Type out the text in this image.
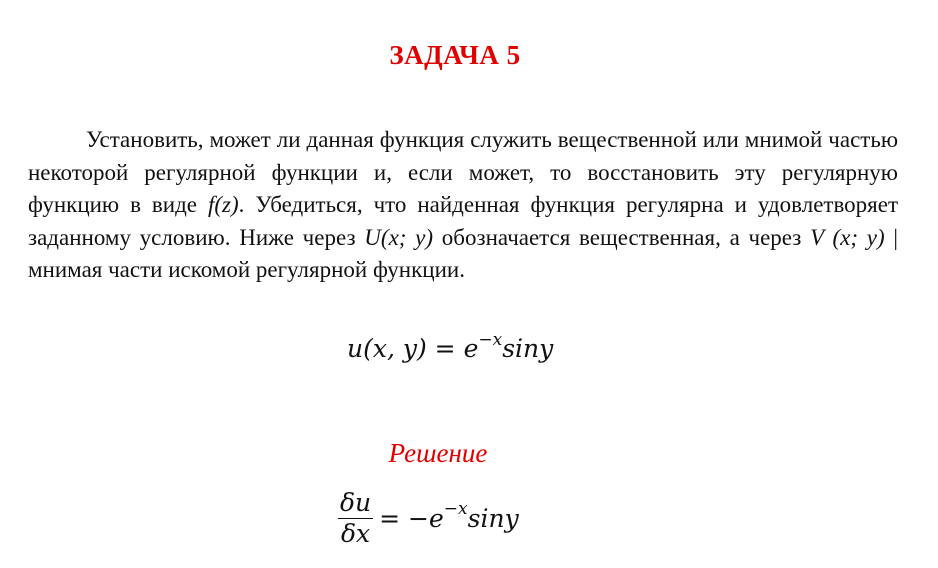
ЗАДАЧА 5
Установить, может ли данная функция служить вещественной или мнимой частью некоторой регулярной функции и, если может, то восстановить эту регулярную функцию в виде f(z). Убедиться, что найденная функция регулярна и удовлетворяет заданному условию. Ниже через U(x; y) обозначается вещественная, а через V (x; y) | мнимая части искомой регулярной функции.
u(x, $y) = e^{-x}\sin y$
Решение
$\frac{\delta u}{\delta x} = -e^{-x}\sin y$
